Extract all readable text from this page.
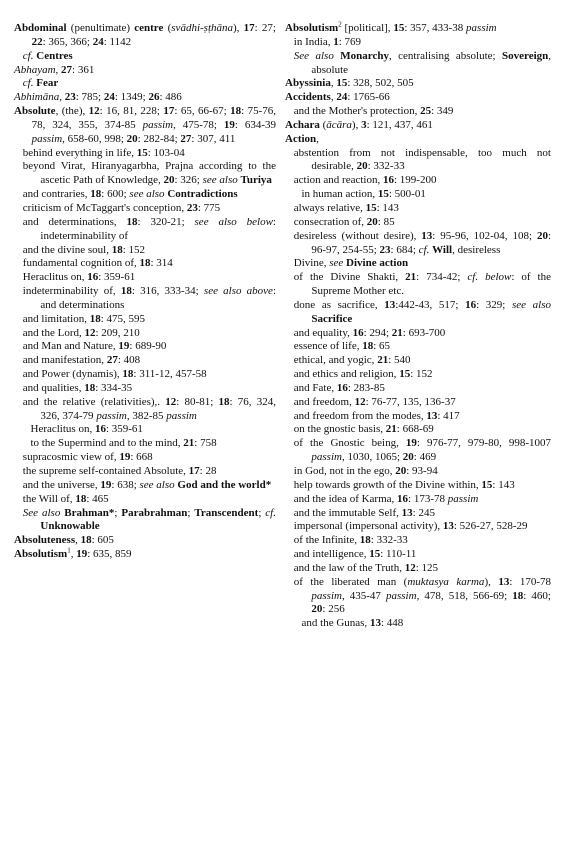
Abdominal (penultimate) centre (svādhi-ṣṭhāna), 17: 27; 22: 365, 366; 24: 1142
cf. Centres
Abhayam, 27: 361
cf. Fear
Abhimāna, 23: 785; 24: 1349; 26: 486
Absolute, (the), 12: 16, 81, 228; 17: 65, 66-67; 18: 75-76, 78, 324, 355, 374-85 passim, 475-78; 19: 634-39 passim, 658-60, 998; 20: 282-84; 27: 307, 411
behind everything in life, 15: 103-04
beyond Virat, Hiranyagarbha, Prajna according to the ascetic Path of Knowledge, 20: 326; see also Turiya
and contraries, 18: 600; see also Contradictions
criticism of McTaggart's conception, 23: 775
and determinations, 18: 320-21; see also below: indeterminability of
and the divine soul, 18: 152
fundamental cognition of, 18: 314
Heraclitus on, 16: 359-61
indeterminability of, 18: 316, 333-34; see also above: and determinations
and limitation, 18: 475, 595
and the Lord, 12: 209, 210
and Man and Nature, 19: 689-90
and manifestation, 27: 408
and Power (dynamis), 18: 311-12, 457-58
and qualities, 18: 334-35
and the relative (relativities),. 12: 80-81; 18: 76, 324, 326, 374-79 passim, 382-85 passim
Heraclitus on, 16: 359-61
to the Supermind and to the mind, 21: 758
supracosmic view of, 19: 668
the supreme self-contained Absolute, 17: 28
and the universe, 19: 638; see also God and the world*
the Will of, 18: 465
See also Brahman*; Parabrahman; Transcendent; cf. Unknowable
Absoluteness, 18: 605
Absolutism$^1$, 19: 635, 859
Absolutism$^2$ [political], 15: 357, 433-38 passim
in India, 1: 769
See also Monarchy, centralising absolute; Sovereign, absolute
Abyssinia, 15: 328, 502, 505
Accidents, 24: 1765-66
and the Mother's protection, 25: 349
Achara (ācāra), 3: 121, 437, 461
Action,
abstention from not indispensable, too much not desirable, 20: 332-33
action and reaction, 16: 199-200
in human action, 15: 500-01
always relative, 15: 143
consecration of, 20: 85
desireless (without desire), 13: 95-96, 102-04, 108; 20: 96-97, 254-55; 23: 684; cf. Will, desireless
Divine, see Divine action
of the Divine Shakti, 21: 734-42; cf. below: of the Supreme Mother etc.
done as sacrifice, 13:442-43, 517; 16: 329; see also Sacrifice
and equality, 16: 294; 21: 693-700
essence of life, 18: 65
ethical, and yogic, 21: 540
and ethics and religion, 15: 152
and Fate, 16: 283-85
and freedom, 12: 76-77, 135, 136-37
and freedom from the modes, 13: 417
on the gnostic basis, 21: 668-69
of the Gnostic being, 19: 976-77, 979-80, 998-1007 passim, 1030, 1065; 20: 469
in God, not in the ego, 20: 93-94
help towards growth of the Divine within, 15: 143
and the idea of Karma, 16: 173-78 passim
and the immutable Self, 13: 245
impersonal (impersonal activity), 13: 526-27, 528-29
of the Infinite, 18: 332-33
and intelligence, 15: 110-11
and the law of the Truth, 12: 125
of the liberated man (muktasya karma), 13: 170-78 passim, 435-47 passim, 478, 518, 566-69; 18: 460; 20: 256
and the Gunas, 13: 448
